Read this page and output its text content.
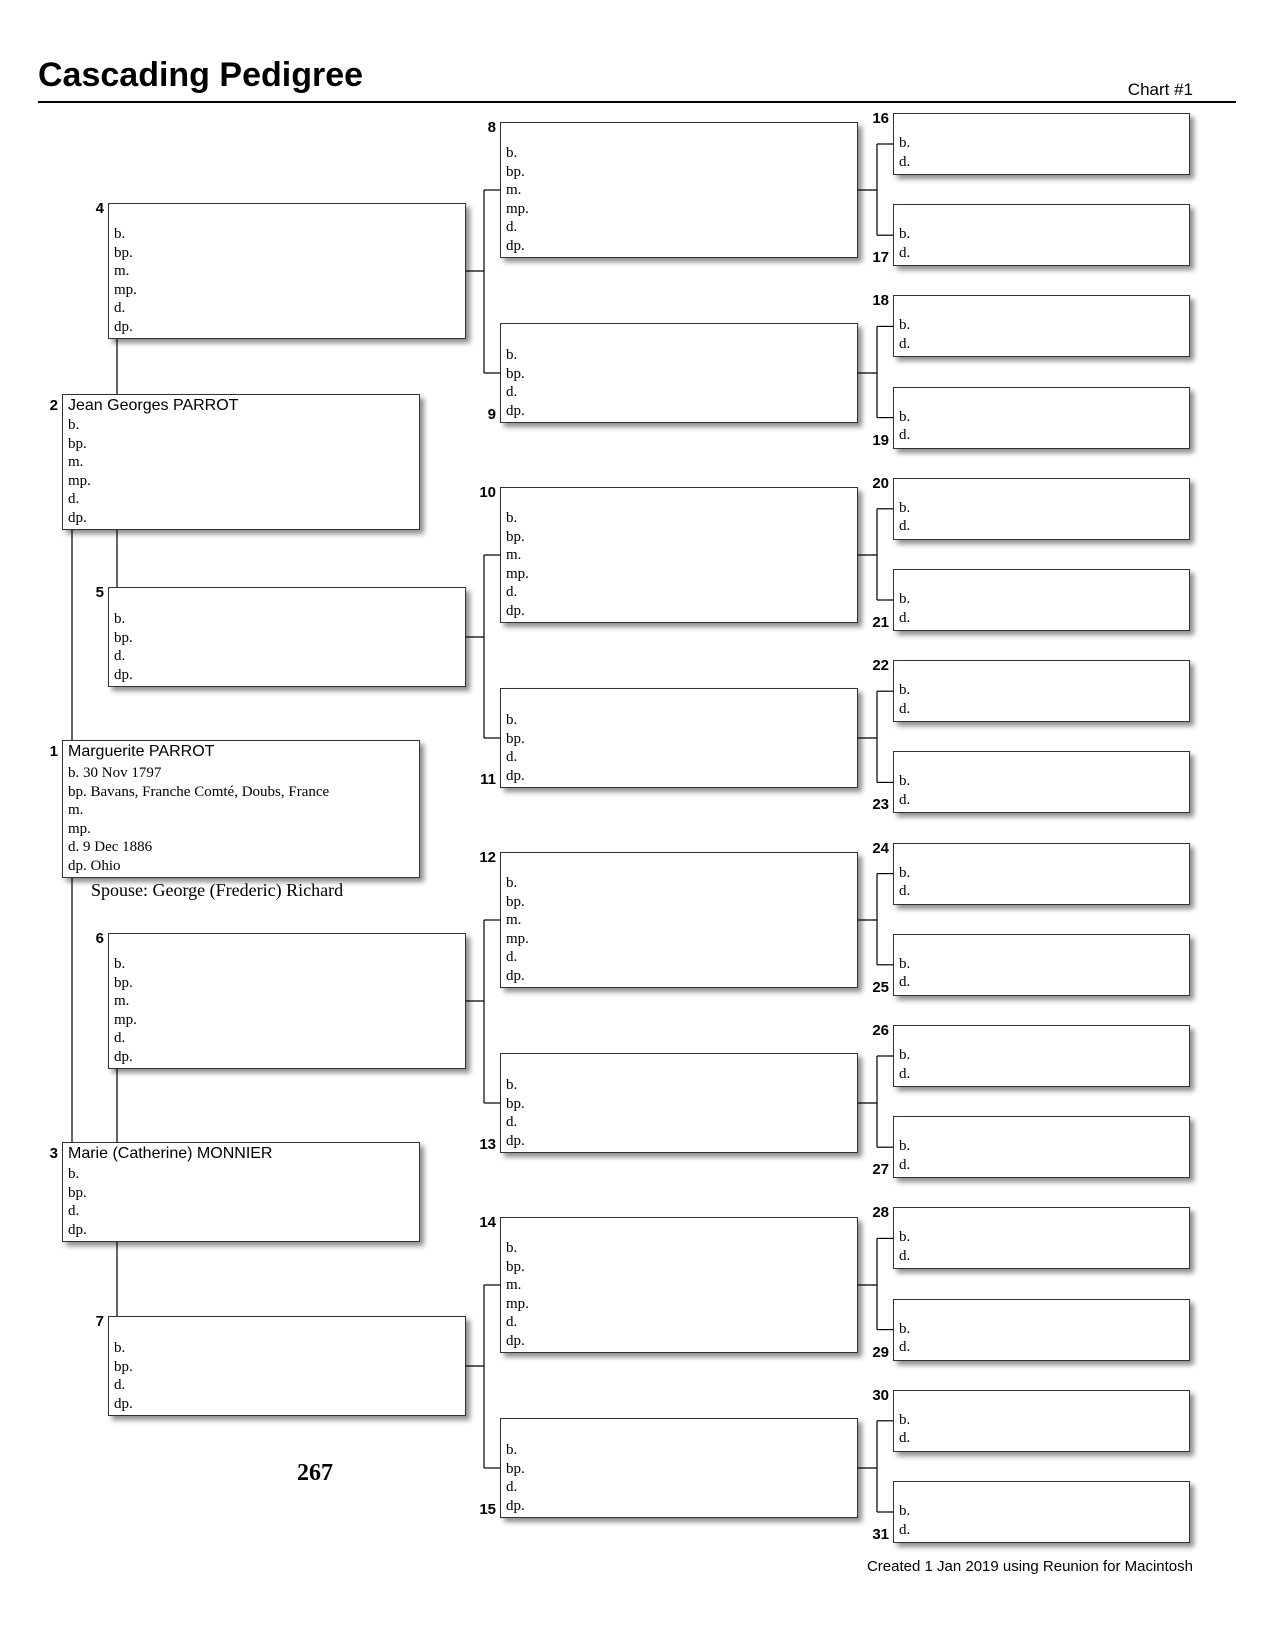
Cascading Pedigree	Chart #1
Marguerite PARROT
b. 30 Nov 1797
bp. Bavans, Franche Comté, Doubs, France
m.
mp.
d. 9 Dec 1886
dp. Ohio
1
Jean Georges PARROT
b.
bp.
m.
mp.
d.
dp.
2
Marie (Catherine) MONNIER
b.
bp.
d.
dp.
3
b.
bp.
m.
mp.
d.
dp.
4
b.
bp.
d.
dp.
5
b.
bp.
m.
mp.
d.
dp.
6
b.
bp.
d.
dp.
7
b.
bp.
m.
mp.
d.
dp.
8
b.
bp.
d.
dp.
9
b.
bp.
m.
mp.
d.
dp.
10
b.
bp.
d.
dp.
11
b.
bp.
m.
mp.
d.
dp.
12
b.
bp.
d.
dp.
13
b.
bp.
m.
mp.
d.
dp.
14
b.
bp.
d.
dp.
15
b.
d.
16
b.
d.
17
b.
d.
18
b.
d.
19
b.
d.
20
b.
d.
21
b.
d.
22
b.
d.
23
b.
d.
24
b.
d.
25
b.
d.
26
b.
d.
27
b.
d.
28
b.
d.
29
b.
d.
30
b.
d.
31
Spouse: George (Frederic) Richard
267
Created 1 Jan 2019 using Reunion for Macintosh
